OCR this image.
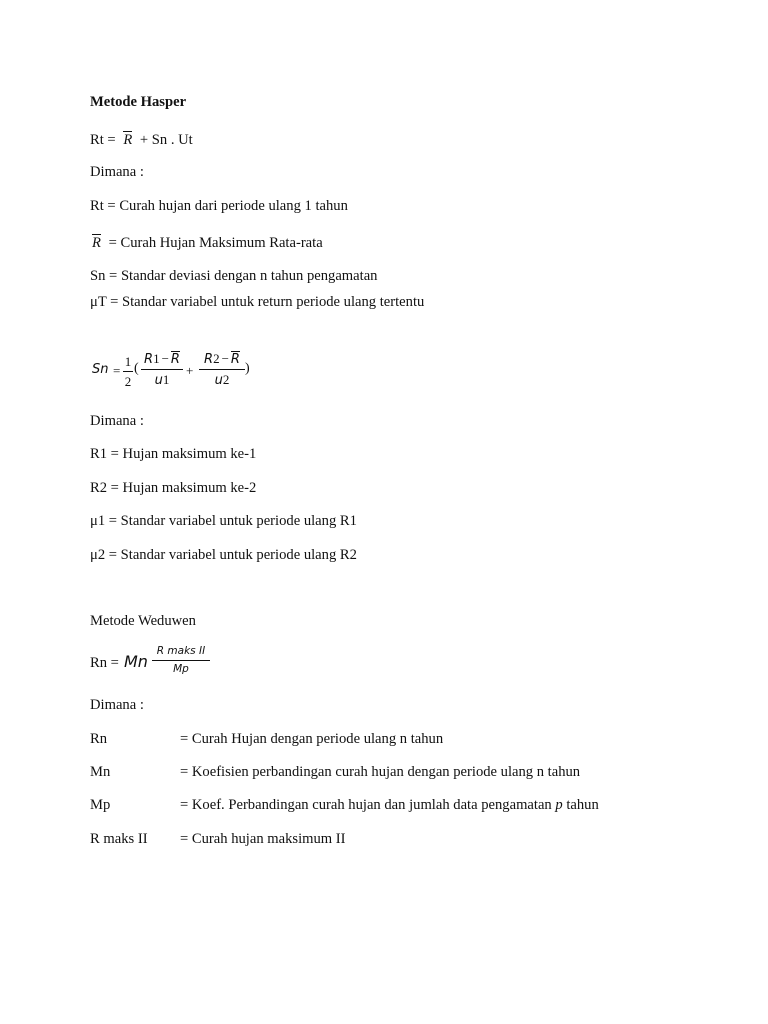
Metode Hasper
Rt = R + Sn . Ut
Dimana :
Rt = Curah hujan dari periode ulang 1 tahun
R = Curah Hujan Maksimum Rata-rata
Sn = Standar deviasi dengan n tahun pengamatan
μT = Standar variabel untuk return periode ulang tertentu
Sn =
1
2
(
R1 − R
u1
+
R2 − R
u2
)
Dimana :
R1 = Hujan maksimum ke-1
R2 = Hujan maksimum ke-2
μ1 = Standar variabel untuk periode ulang R1
μ2 = Standar variabel untuk periode ulang R2
Metode Weduwen
Rn = Mn
R maks II
Mp
Dimana :
Rn	= Curah Hujan dengan periode ulang n tahun
Mn	= Koefisien perbandingan curah hujan dengan periode ulang n tahun
Mp	= Koef. Perbandingan curah hujan dan jumlah data pengamatan p tahun
R maks II = Curah hujan maksimum II
